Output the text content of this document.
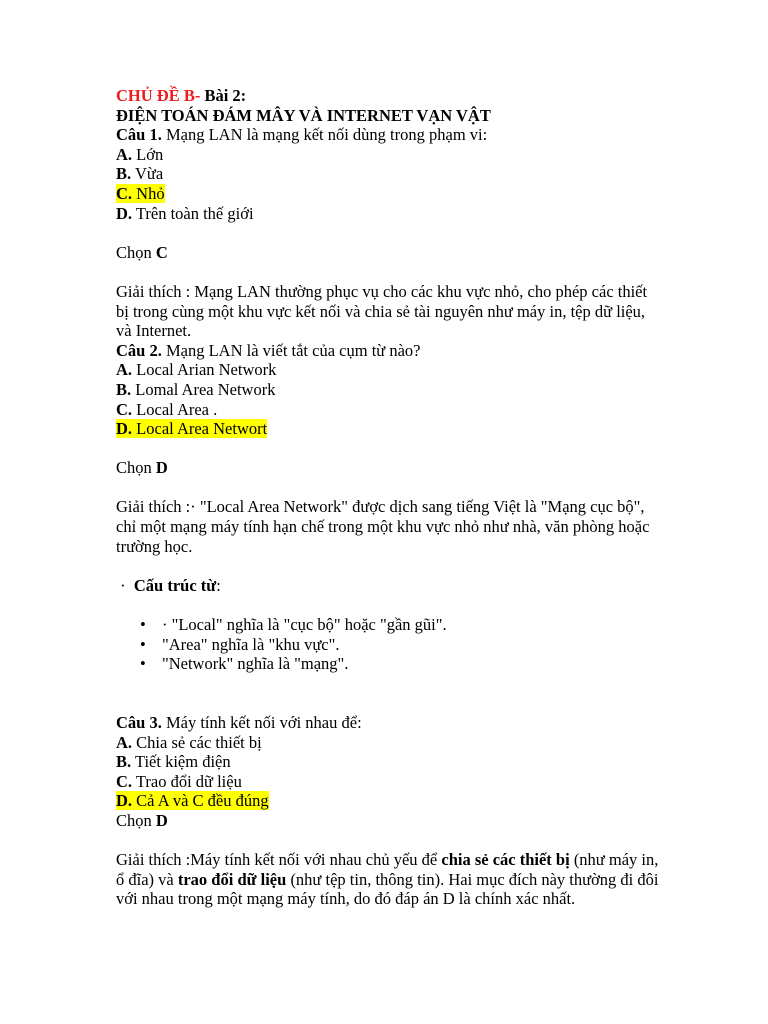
CHỦ ĐỀ B- Bài 2:

ĐIỆN TOÁN ĐÁM MÂY VÀ INTERNET VẠN VẬT

Câu 1. Mạng LAN là mạng kết nối dùng trong phạm vi:

A. Lớn

B. Vừa

C. Nhỏ

D. Trên toàn thế giới

Chọn C

Giải thích : Mạng LAN thường phục vụ cho các khu vực nhỏ, cho phép các thiết bị trong cùng một khu vực kết nối và chia sẻ tài nguyên như máy in, tệp dữ liệu, và Internet.

Câu 2. Mạng LAN là viết tắt của cụm từ nào?

A. Local Arian Network

B. Lomal Area Network

C. Local Area .

D. Local Area Networt

Chọn D

Giải thích :· "Local Area Network" được dịch sang tiếng Việt là "Mạng cục bộ", chỉ một mạng máy tính hạn chế trong một khu vực nhỏ như nhà, văn phòng hoặc trường học.

· Cấu trúc từ:

• · "Local" nghĩa là "cục bộ" hoặc "gần gũi".
• "Area" nghĩa là "khu vực".
• "Network" nghĩa là "mạng".

Câu 3. Máy tính kết nối với nhau để:

A. Chia sẻ các thiết bị

B. Tiết kiệm điện

C. Trao đổi dữ liệu

D. Cả A và C đều đúng

Chọn D

Giải thích :Máy tính kết nối với nhau chủ yếu để chia sẻ các thiết bị (như máy in, ổ đĩa) và trao đổi dữ liệu (như tệp tin, thông tin). Hai mục đích này thường đi đôi với nhau trong một mạng máy tính, do đó đáp án D là chính xác nhất.
